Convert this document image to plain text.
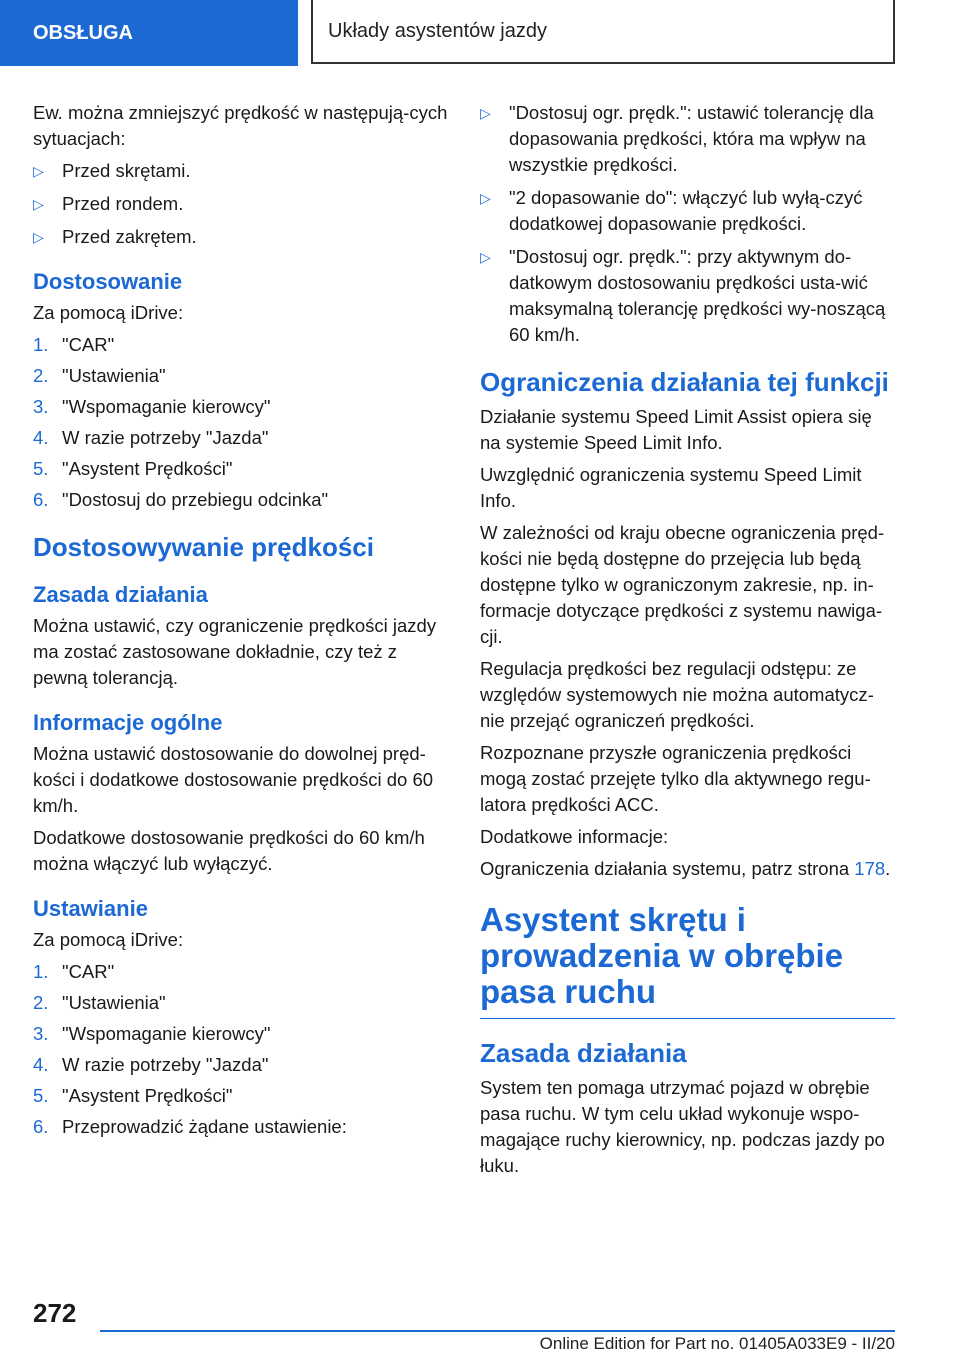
OBSŁUGA	Układy asystentów jazdy

Ew. można zmniejszyć prędkość w następują-cych sytuacjach:

▷ Przed skrętami.
▷ Przed rondem.
▷ Przed zakrętem.
Dostosowanie

Za pomocą iDrive:

1. "CAR"
2. "Ustawienia"
3. "Wspomaganie kierowcy"
4. W razie potrzeby "Jazda"
5. "Asystent Prędkości"
6. "Dostosuj do przebiegu odcinka"
Dostosowywanie prędkości
Zasada działania

Można ustawić, czy ograniczenie prędkości jazdy ma zostać zastosowane dokładnie, czy też z pewną tolerancją.

Informacje ogólne

Można ustawić dostosowanie do dowolnej pręd-kości i dodatkowe dostosowanie prędkości do 60 km/h.

Dodatkowe dostosowanie prędkości do 60 km/h można włączyć lub wyłączyć.

Ustawianie

Za pomocą iDrive:

1. "CAR"
2. "Ustawienia"
3. "Wspomaganie kierowcy"
4. W razie potrzeby "Jazda"
5. "Asystent Prędkości"
6. Przeprowadzić żądane ustawienie:
▷ "Dostosuj ogr. prędk.": ustawić tolerancję dla dopasowania prędkości, która ma wpływ na wszystkie prędkości.
▷ "2 dopasowanie do": włączyć lub wyłą-czyć dodatkowej dopasowanie prędkości.
▷ "Dostosuj ogr. prędk.": przy aktywnym do-datkowym dostosowaniu prędkości usta-wić maksymalną tolerancję prędkości wy-noszącą 60 km/h.
Ograniczenia działania tej funkcji

Działanie systemu Speed Limit Assist opiera się na systemie Speed Limit Info.

Uwzględnić ograniczenia systemu Speed Limit Info.

W zależności od kraju obecne ograniczenia pręd-kości nie będą dostępne do przejęcia lub będą dostępne tylko w ograniczonym zakresie, np. in-formacje dotyczące prędkości z systemu nawiga-cji.

Regulacja prędkości bez regulacji odstępu: ze względów systemowych nie można automatycz-nie przejąć ograniczeń prędkości.

Rozpoznane przyszłe ograniczenia prędkości mogą zostać przejęte tylko dla aktywnego regu-latora prędkości ACC.

Dodatkowe informacje:

Ograniczenia działania systemu, patrz strona 178.

Asystent skrętu i prowadzenia w obrębie pasa ruchu
Zasada działania

System ten pomaga utrzymać pojazd w obrębie pasa ruchu. W tym celu układ wykonuje wspo-magające ruchy kierownicy, np. podczas jazdy po łuku.

272
Online Edition for Part no. 01405A033E9 - II/20
